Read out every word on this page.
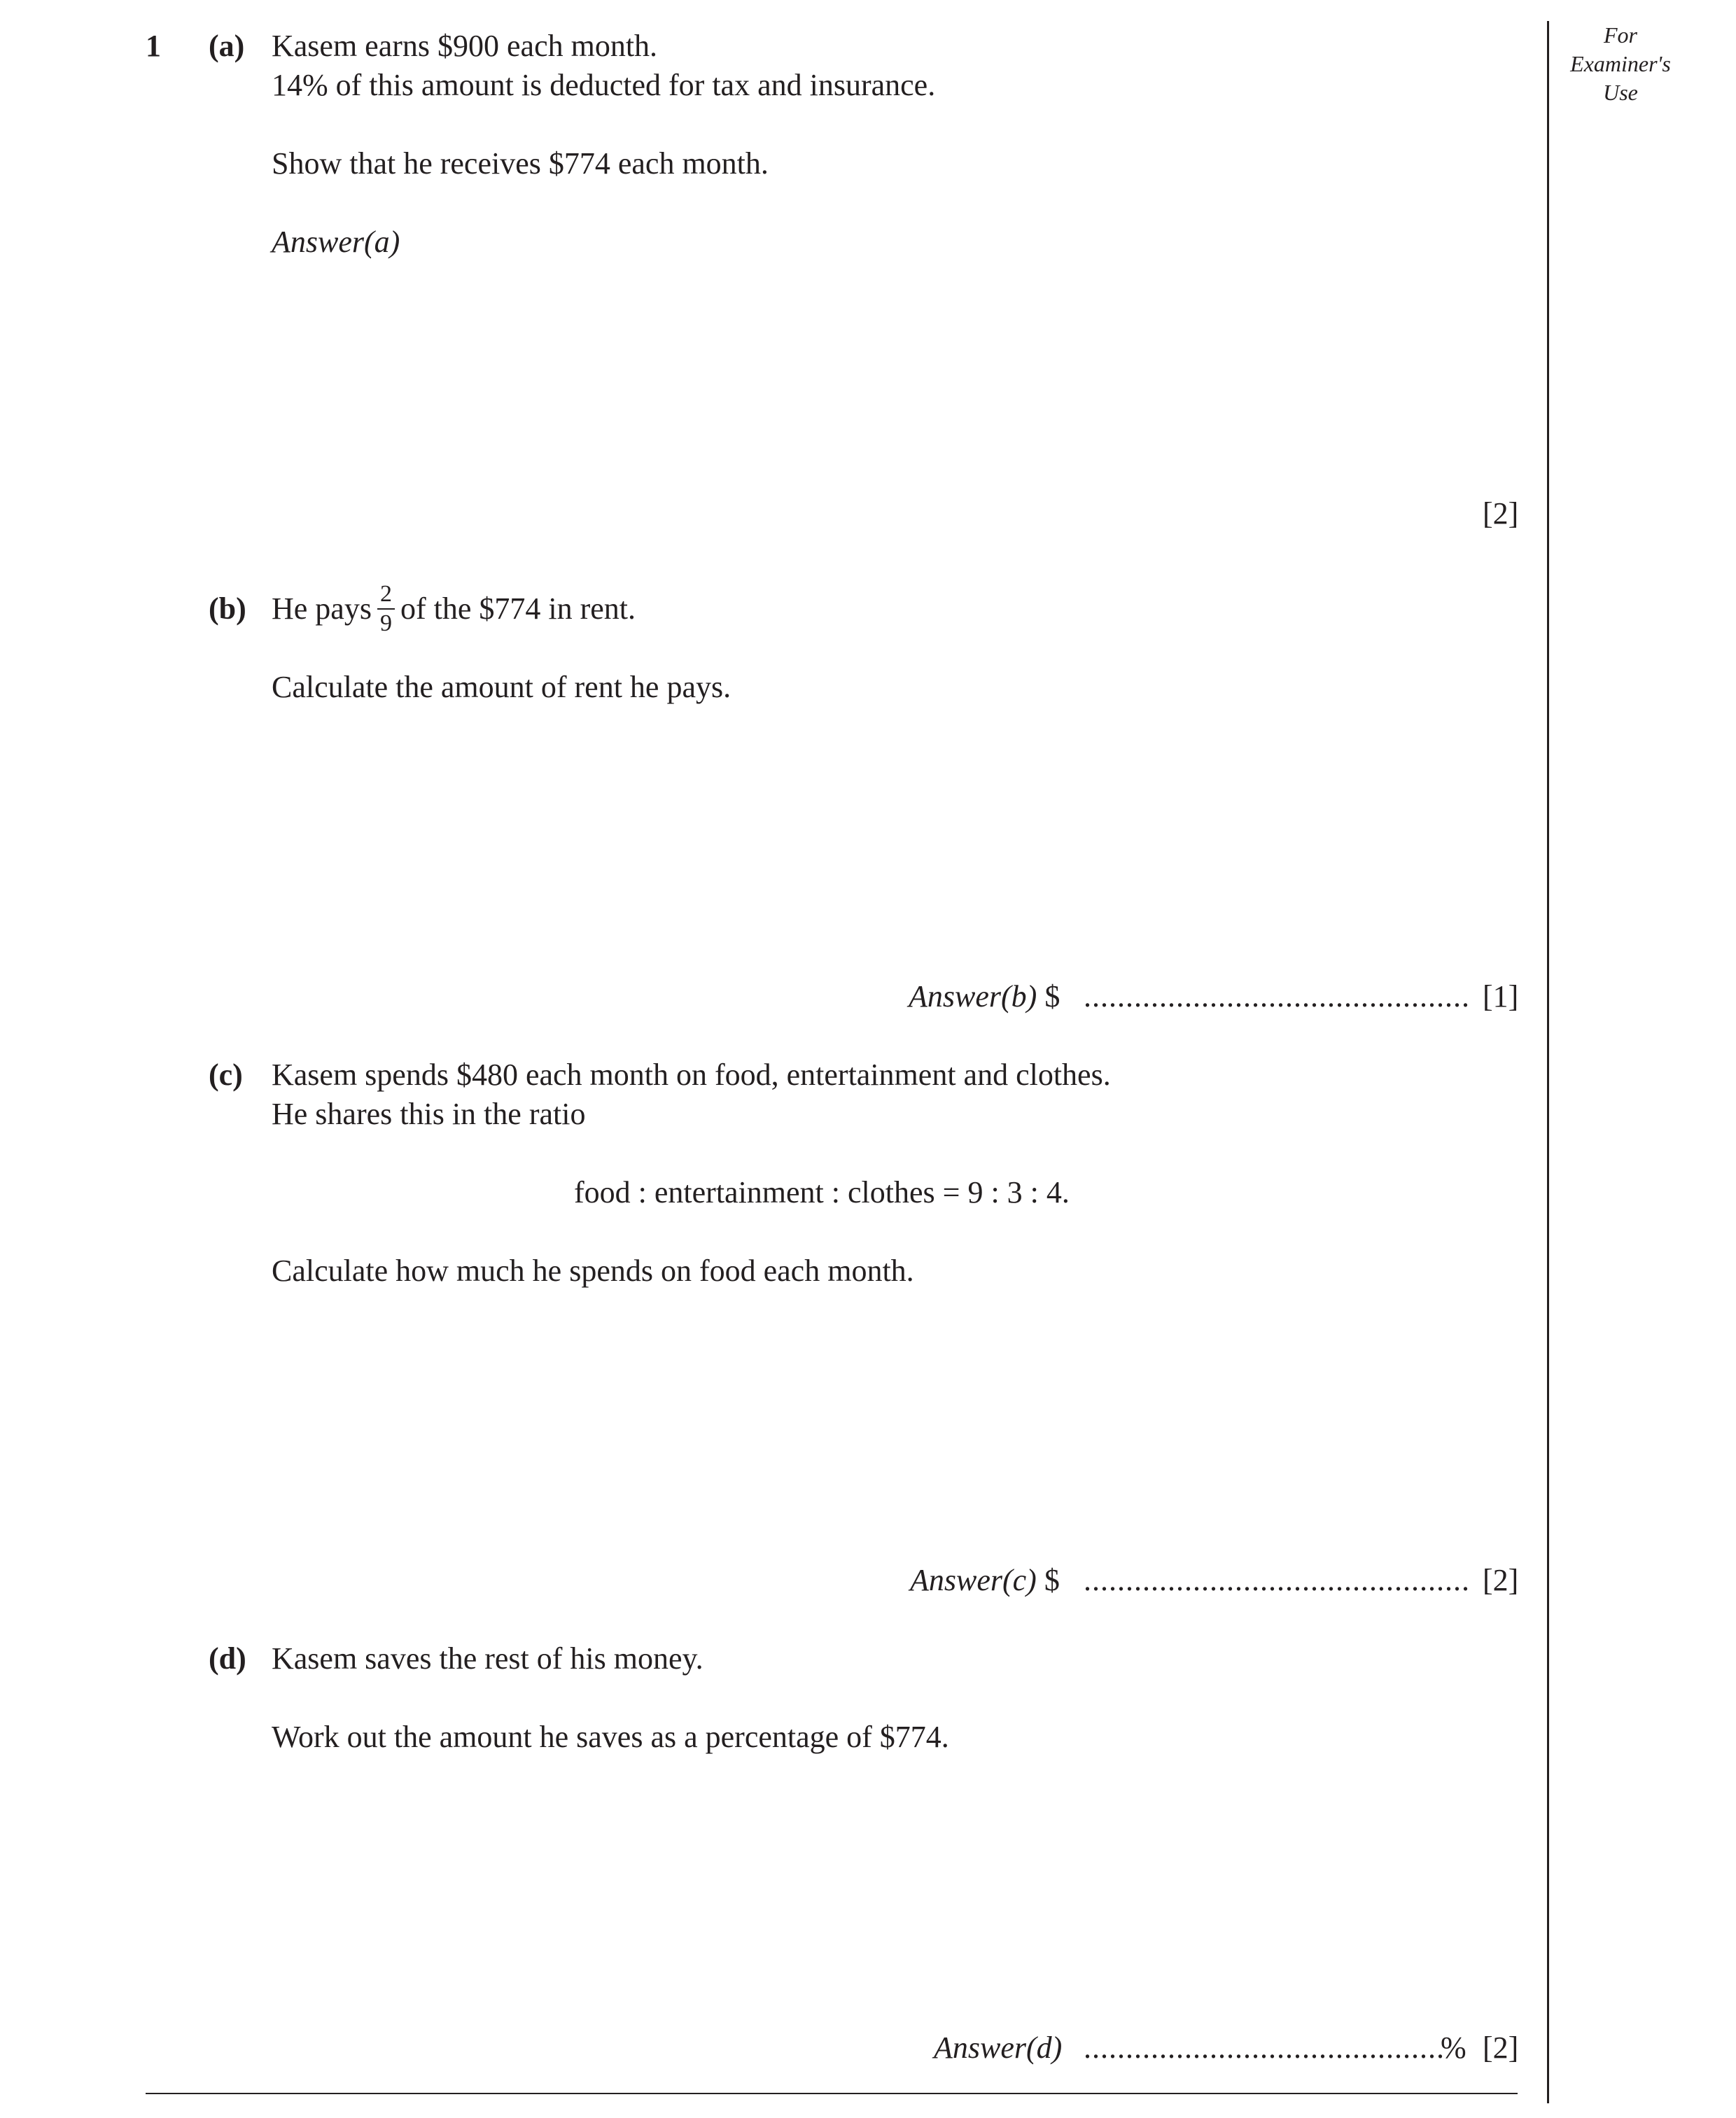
For
Examiner's
Use
1 (a) Kasem earns $900 each month.
14% of this amount is deducted for tax and insurance.
Show that he receives $774 each month.
Answer(a)
[2]
(b) He pays $\frac{2}{9}$ of the $774 in rent.
Calculate the amount of rent he pays.
Answer(b) $ .............................................. [1]
(c) Kasem spends $480 each month on food, entertainment and clothes.
He shares this in the ratio
food : entertainment : clothes = 9 : 3 : 4.
Calculate how much he spends on food each month.
Answer(c) $ .............................................. [2]
(d) Kasem saves the rest of his money.
Work out the amount he saves as a percentage of $774.
Answer(d) ...........................................
% [2]
